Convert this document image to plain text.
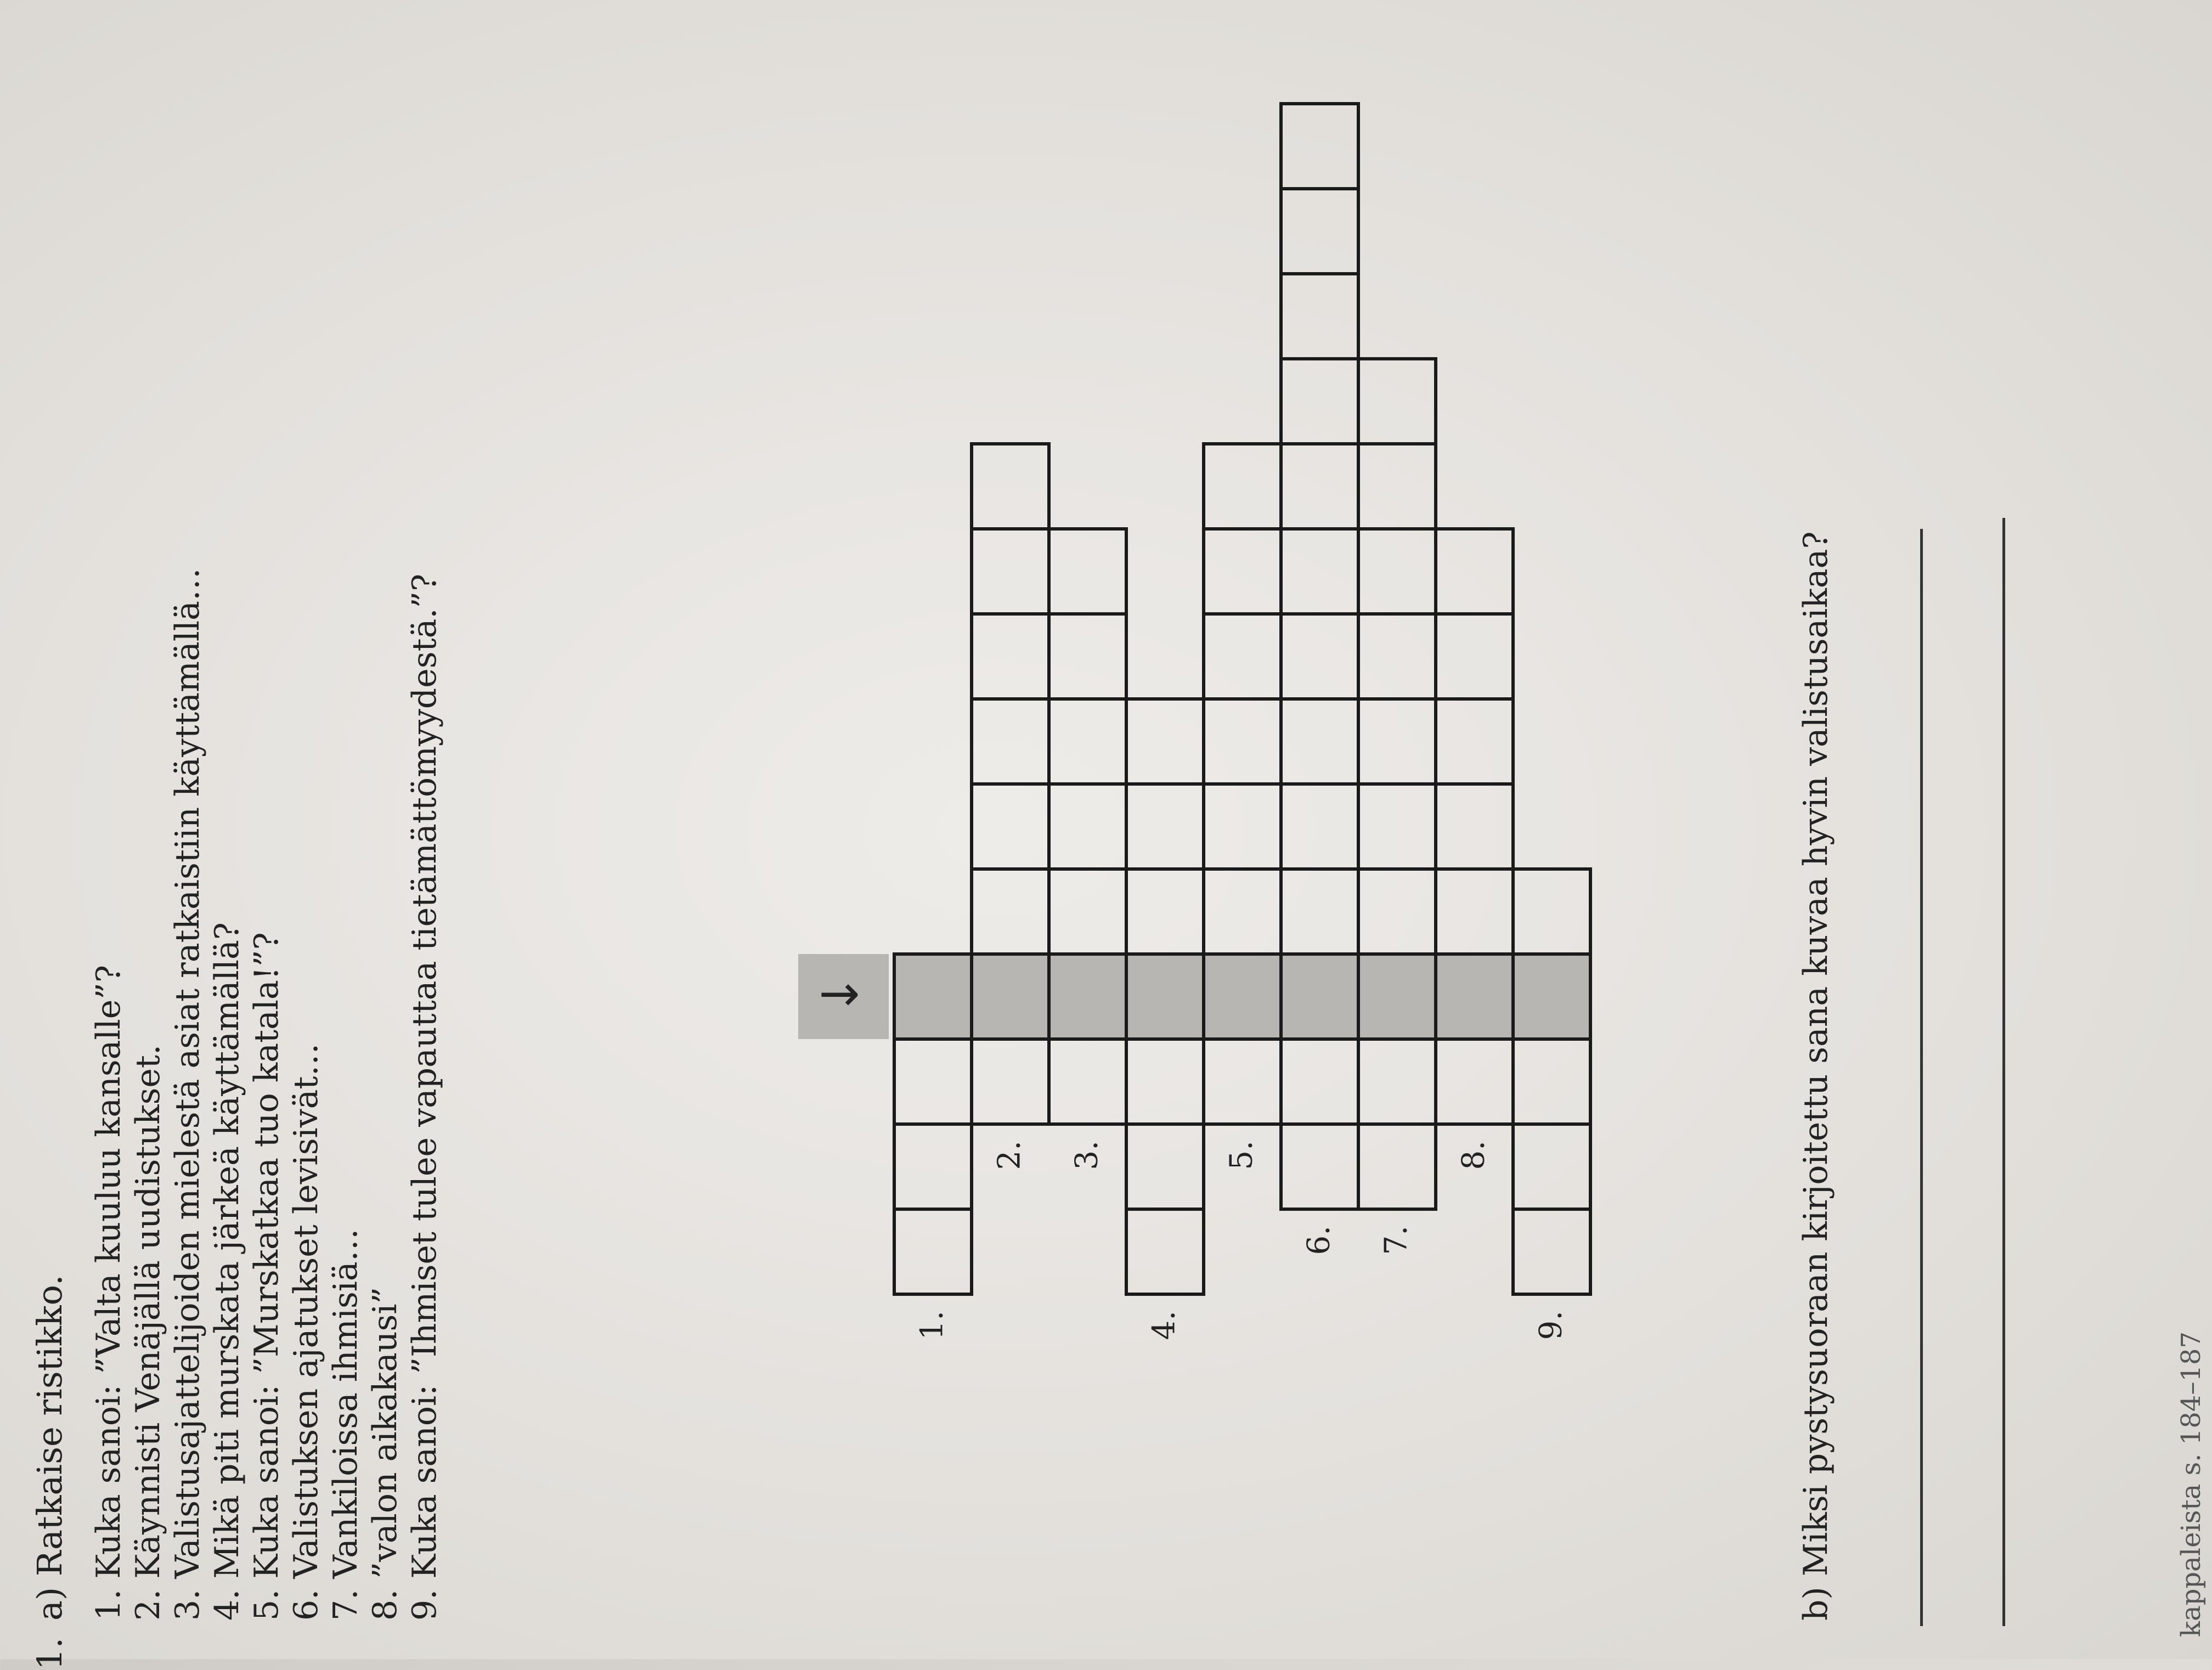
1.
a) Ratkaise ristikko. 1. Kuka sanoi: ”Valta kuuluu kansalle”? 2. Käynnisti Venäjällä uudistukset. 3. Valistusajattelijoiden mielestä asiat ratkaistiin käyttämällä… 4. Mikä piti murskata järkeä käyttämällä? 5. Kuka sanoi: ”Murskatkaa tuo katala!”? 6. Valistuksen ajatukset levisivät… 7. Vankiloissa ihmisiä… 8. ”valon aikakausi” 9. Kuka sanoi: ”Ihmiset tulee vapauttaa tietämättömyydestä.”?	→
1.
2. 3.
4.
5.
6. 7.
8.
9.	b) Miksi pystysuoraan kirjoitettu sana kuvaa hyvin valistusaikaa?	kappaleista s. 184–187
